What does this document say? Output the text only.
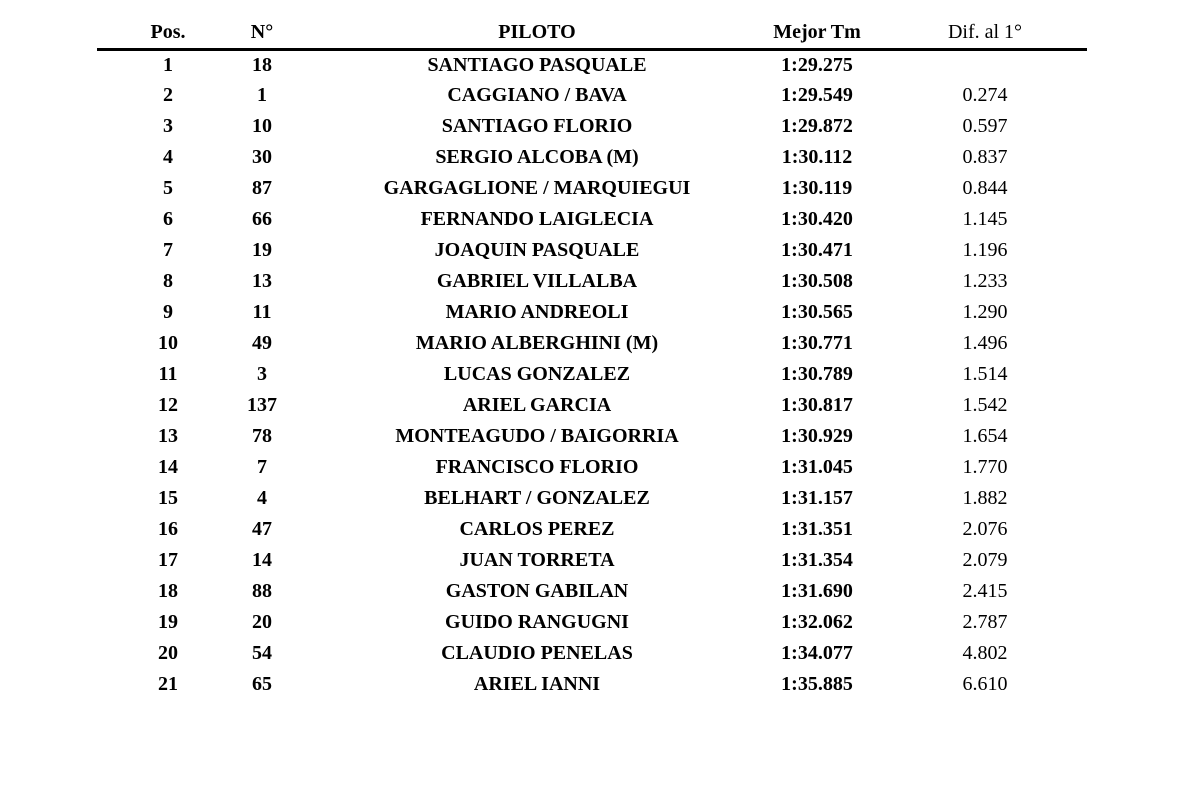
	Pos.	N°	PILOTO	Mejor Tm	Dif. al 1°
	1	18	SANTIAGO PASQUALE	1:29.275	
	2	1	CAGGIANO / BAVA	1:29.549	0.274
	3	10	SANTIAGO FLORIO	1:29.872	0.597
	4	30	SERGIO ALCOBA (M)	1:30.112	0.837
	5	87	GARGAGLIONE / MARQUIEGUI	1:30.119	0.844
	6	66	FERNANDO LAIGLECIA	1:30.420	1.145
	7	19	JOAQUIN PASQUALE	1:30.471	1.196
	8	13	GABRIEL VILLALBA	1:30.508	1.233
	9	11	MARIO ANDREOLI	1:30.565	1.290
	10	49	MARIO ALBERGHINI (M)	1:30.771	1.496
	11	3	LUCAS GONZALEZ	1:30.789	1.514
	12	137	ARIEL GARCIA	1:30.817	1.542
	13	78	MONTEAGUDO / BAIGORRIA	1:30.929	1.654
	14	7	FRANCISCO FLORIO	1:31.045	1.770
	15	4	BELHART / GONZALEZ	1:31.157	1.882
	16	47	CARLOS PEREZ	1:31.351	2.076
	17	14	JUAN TORRETA	1:31.354	2.079
	18	88	GASTON GABILAN	1:31.690	2.415
	19	20	GUIDO RANGUGNI	1:32.062	2.787
	20	54	CLAUDIO PENELAS	1:34.077	4.802
	21	65	ARIEL IANNI	1:35.885	6.610
